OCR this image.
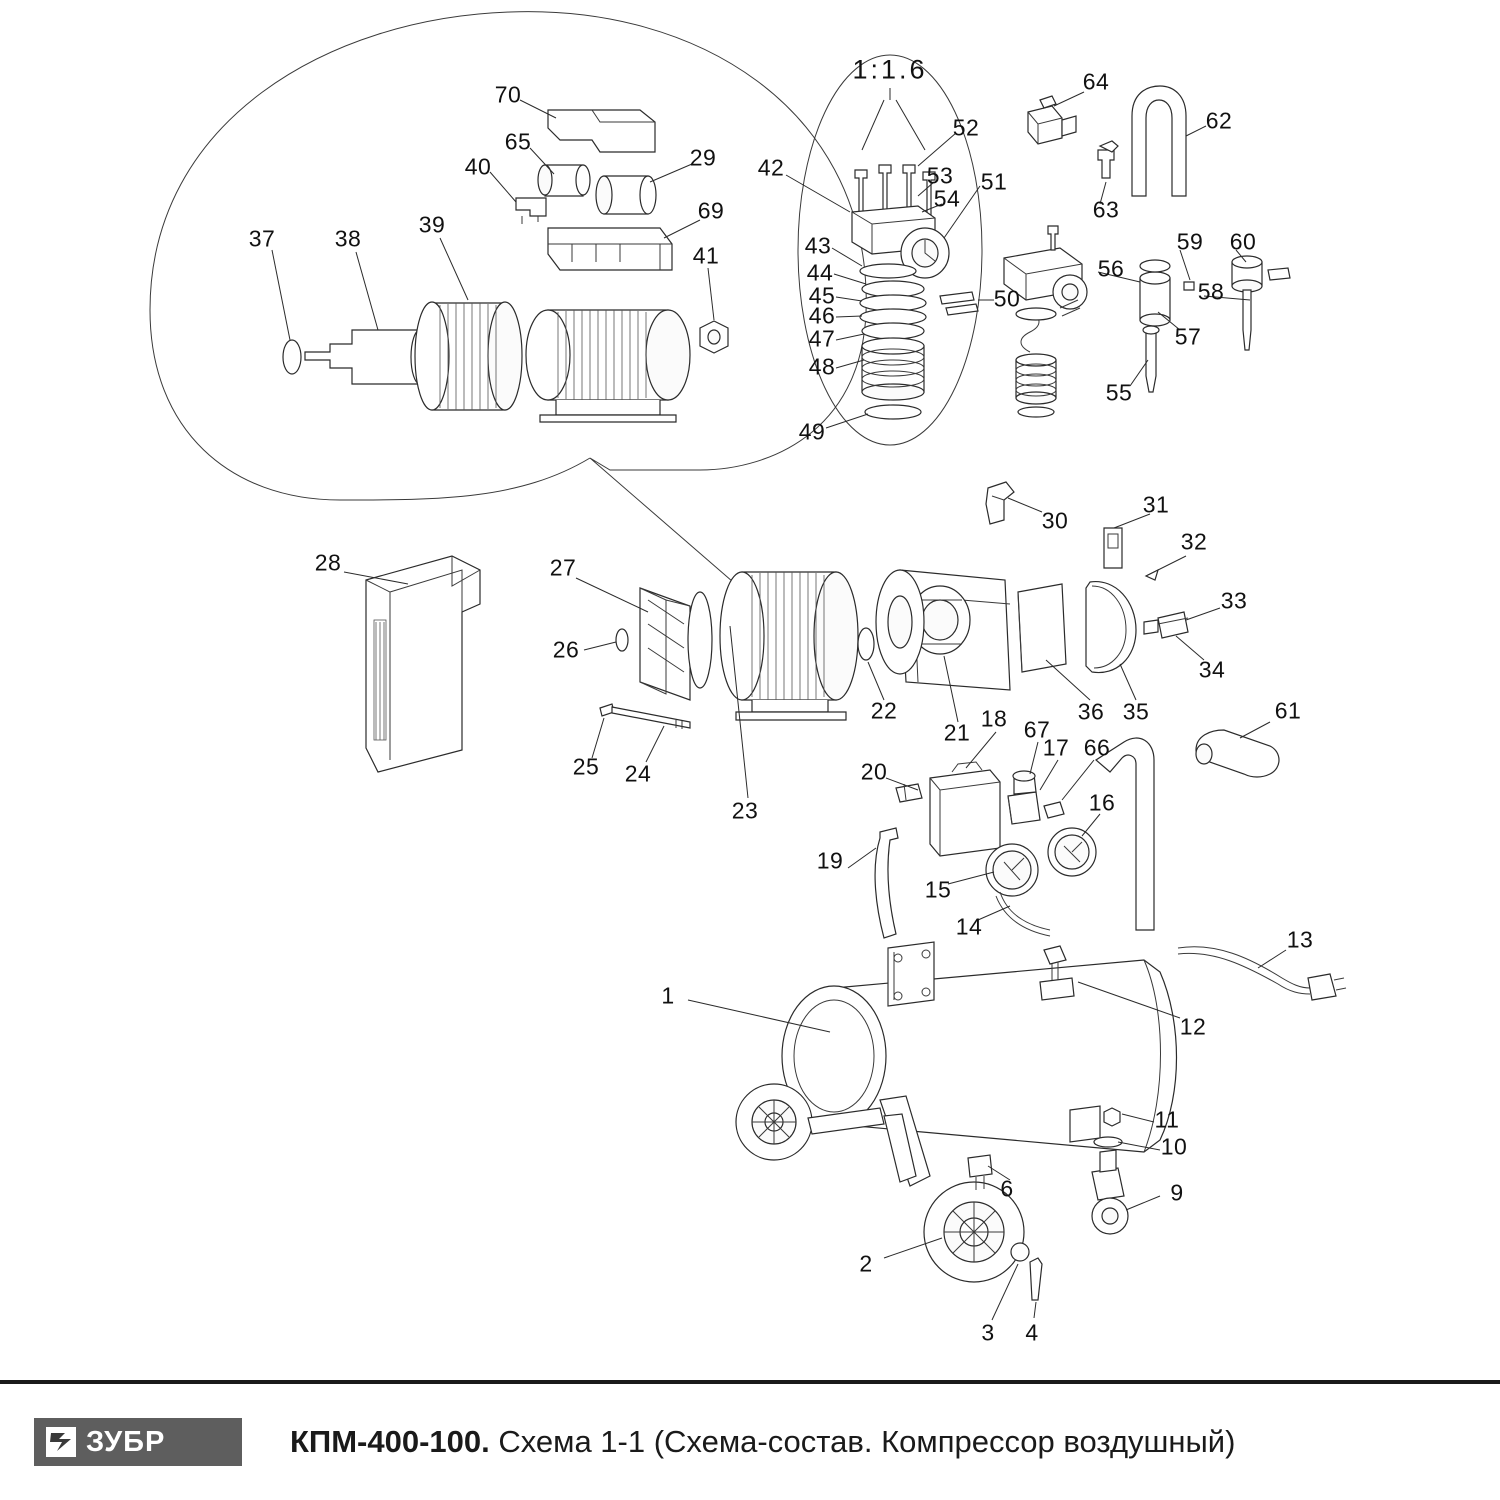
1:1.6
70
65
40	29
69
37	38
39
41
64
62
52
42	53 51
54	63
43
44
45
46
47
48
49
50
59 60
56
58
57
55
30
31
32
33
34
28	27
26
25 24
23
22
21
36 35
18 67
17 66
16
61
20
15
14
19
13
12
1
11
10
6	9
2
3 4
ЗУБР	КПМ-400-100. Схема 1-1 (Схема-состав. Компрессор воздушный)
